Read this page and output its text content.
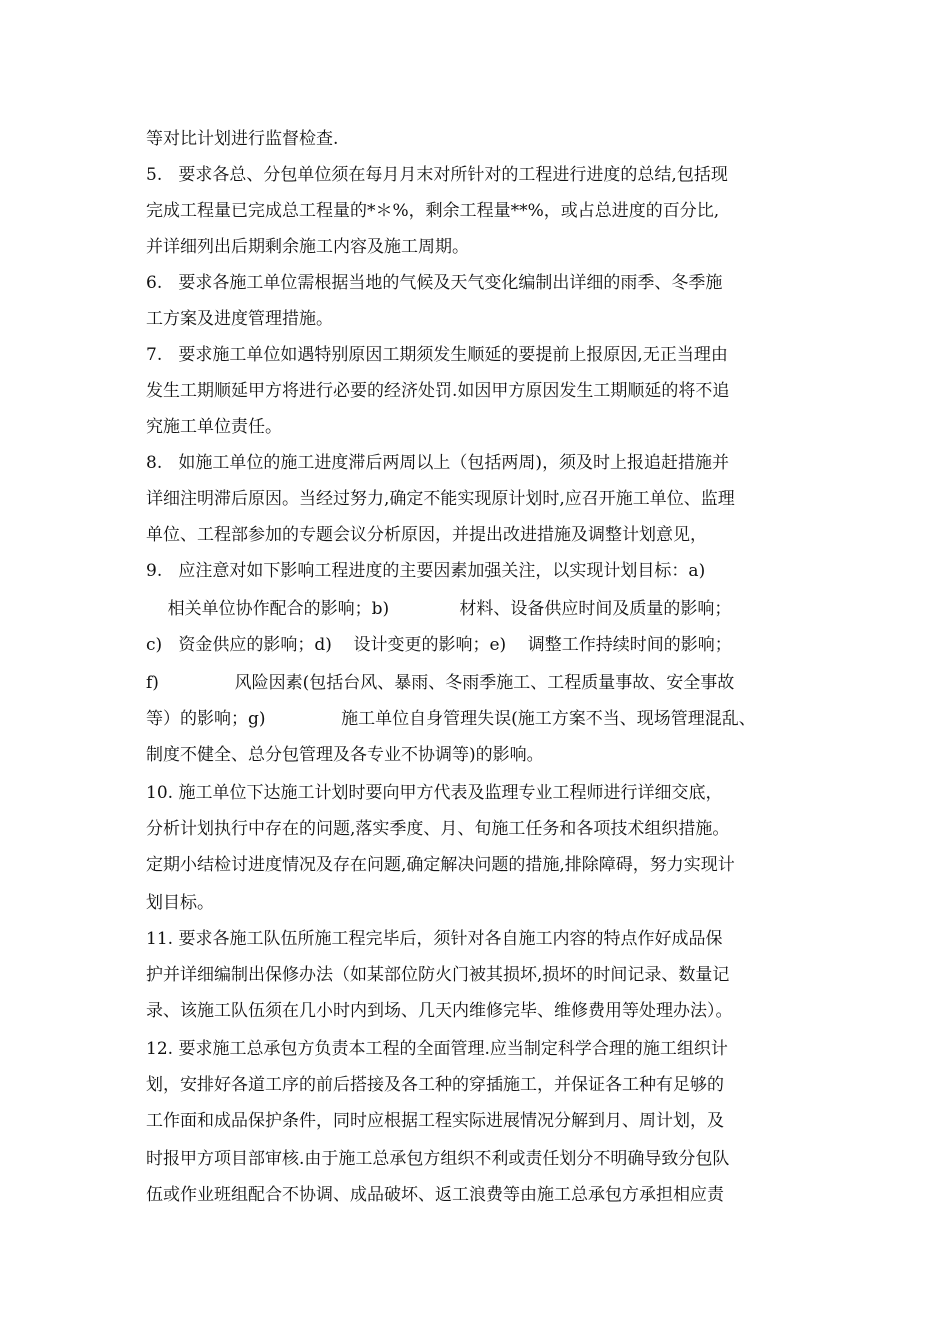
等对比计划进行监督检查.
5.   要求各总、分包单位须在每月月末对所针对的工程进行进度的总结,包括现
完成工程量已完成总工程量的*＊%，剩余工程量**%，或占总进度的百分比,
并详细列出后期剩余施工内容及施工周期。
6.   要求各施工单位需根据当地的气候及天气变化编制出详细的雨季、冬季施
工方案及进度管理措施。
7.   要求施工单位如遇特别原因工期须发生顺延的要提前上报原因,无正当理由
发生工期顺延甲方将进行必要的经济处罚.如因甲方原因发生工期顺延的将不追
究施工单位责任。
8.   如施工单位的施工进度滞后两周以上（包括两周)，须及时上报追赶措施并
详细注明滞后原因。当经过努力,确定不能实现原计划时,应召开施工单位、监理
单位、工程部参加的专题会议分析原因，并提出改进措施及调整计划意见，
9.   应注意对如下影响工程进度的主要因素加强关注，以实现计划目标：a)
相关单位协作配合的影响；b)             材料、设备供应时间及质量的影响；
c)   资金供应的影响；d)    设计变更的影响；e)    调整工作持续时间的影响；
f)              风险因素(包括台风、暴雨、冬雨季施工、工程质量事故、安全事故
等）的影响；g)              施工单位自身管理失误(施工方案不当、现场管理混乱、
制度不健全、总分包管理及各专业不协调等)的影响。
10. 施工单位下达施工计划时要向甲方代表及监理专业工程师进行详细交底，
分析计划执行中存在的问题,落实季度、月、旬施工任务和各项技术组织措施。
定期小结检讨进度情况及存在问题,确定解决问题的措施,排除障碍，努力实现计
划目标。
11. 要求各施工队伍所施工程完毕后，须针对各自施工内容的特点作好成品保
护并详细编制出保修办法（如某部位防火门被其损坏,损坏的时间记录、数量记
录、该施工队伍须在几小时内到场、几天内维修完毕、维修费用等处理办法）。
12. 要求施工总承包方负责本工程的全面管理.应当制定科学合理的施工组织计
划，安排好各道工序的前后搭接及各工种的穿插施工，并保证各工种有足够的
工作面和成品保护条件，同时应根据工程实际进展情况分解到月、周计划，及
时报甲方项目部审核.由于施工总承包方组织不利或责任划分不明确导致分包队
伍或作业班组配合不协调、成品破坏、返工浪费等由施工总承包方承担相应责
